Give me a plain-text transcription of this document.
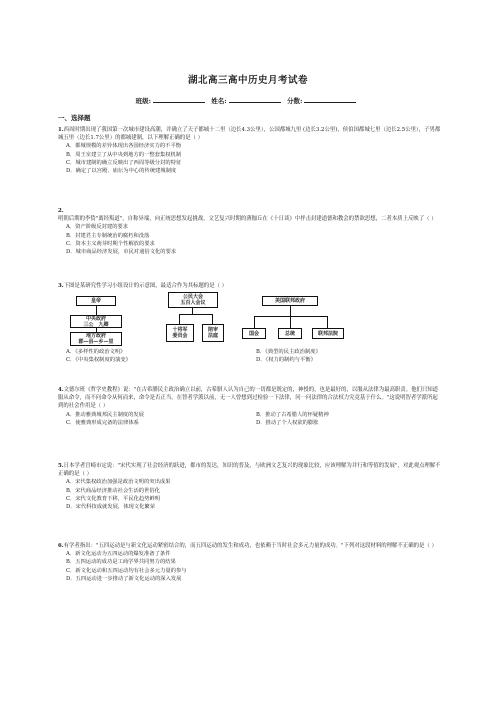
湖北高三高中历史月考试卷
班级:	姓名:	分数:
一、选择题
1.西周时期出现了我国第一次城市建设高潮，并确立了天子都城十二里（边长4.3公里），公国都城九里 (边长3.2公里)，侯伯国都城七里（边长2.5公里），子男都城五里（边长1.7公里）的都城建制，以下理解正确的是（ ）
A．都城规模的差异体现出各国经济实力的不平衡
B．周王室建立了从中央到地方的一整套集权机制
C．城市建制的确立反映出了西周等级分封的特征
D．确定了以宫殿、庙坛为中心的传统建城制度
2.明朝后期的李贽"离经叛道"，自称异端，向正统思想发起挑战，文艺复兴时期的薄伽丘在《十日谈》中抨击封建道德和教会的禁欲思想，二者本质上反映了（ ）
A．资产阶级反封建的要求
B．封建君主专制统治的腐朽和没落
C．资本主义萌芽时期个性解放的要求
D．城市商品经济发展，市民对通俗文化的要求
3.下图是某研究性学习小组设计的示意图，最适合作为其标题的是（ ）
皇帝
中央政府
三公　九卿
地方政府
郡—县—乡—里
公民大会
五百人会议
十将军
委员会
陪审
法庭
美国联邦政府
国会	总统	联邦法院
A．《多样性的政治文明》	B．《典型的民主政治制度》
C．《中央集权制度的演变》	D．《权力的制约与平衡》
4.文德尔班《哲学史教程》说："在古希腊民主政治确立以前，古希腊人认为自己的一切都是既定的，神授的，也是最好的，以服从法律为最高职责。他们只知道服从命令，而不问命令从何而来，命令是否正当。在智者学派以前，无一人曾想到过检验一下法律，问一问法律的合法权力究竟基于什么。"这说明智者学派所起到的社会作用是（ ）
A．推动雅典城邦民主制度的发展	B．推动了古希腊人的怀疑精神
C．使雅典形成完备的法律体系	D．推动了个人权欲的膨胀
5.日本学者宫崎市定说："宋代实现了社会经济的跃进，都市的发达，知识的普及，与欧洲文艺复兴的现象比较，应该理解为并行和等值的发展"，对此观点理解不正确的是（ ）
A．宋代集权政治加强是政治文明的突出成果
B．宋代商品经济推动社会生活的世俗化
C．宋代文化教育下移，平民化趋势鲜明
D．宋代科技成就发展，体现文化繁荣
6.有学者指出："五四运动是与新文化运动紧密结合的，而五四运动的发生和成功，也依赖于当时社会多元力量的成功。"下列对这段材料的理解不正确的是（ ）
A．新文化运动为五四运动的爆发准备了条件
B．五四运动的成功是工商学界共同努力的结果
C．新文化运动和五四运动均有社会多元力量的参与
D．五四运动进一步推动了新文化运动的深入发展
